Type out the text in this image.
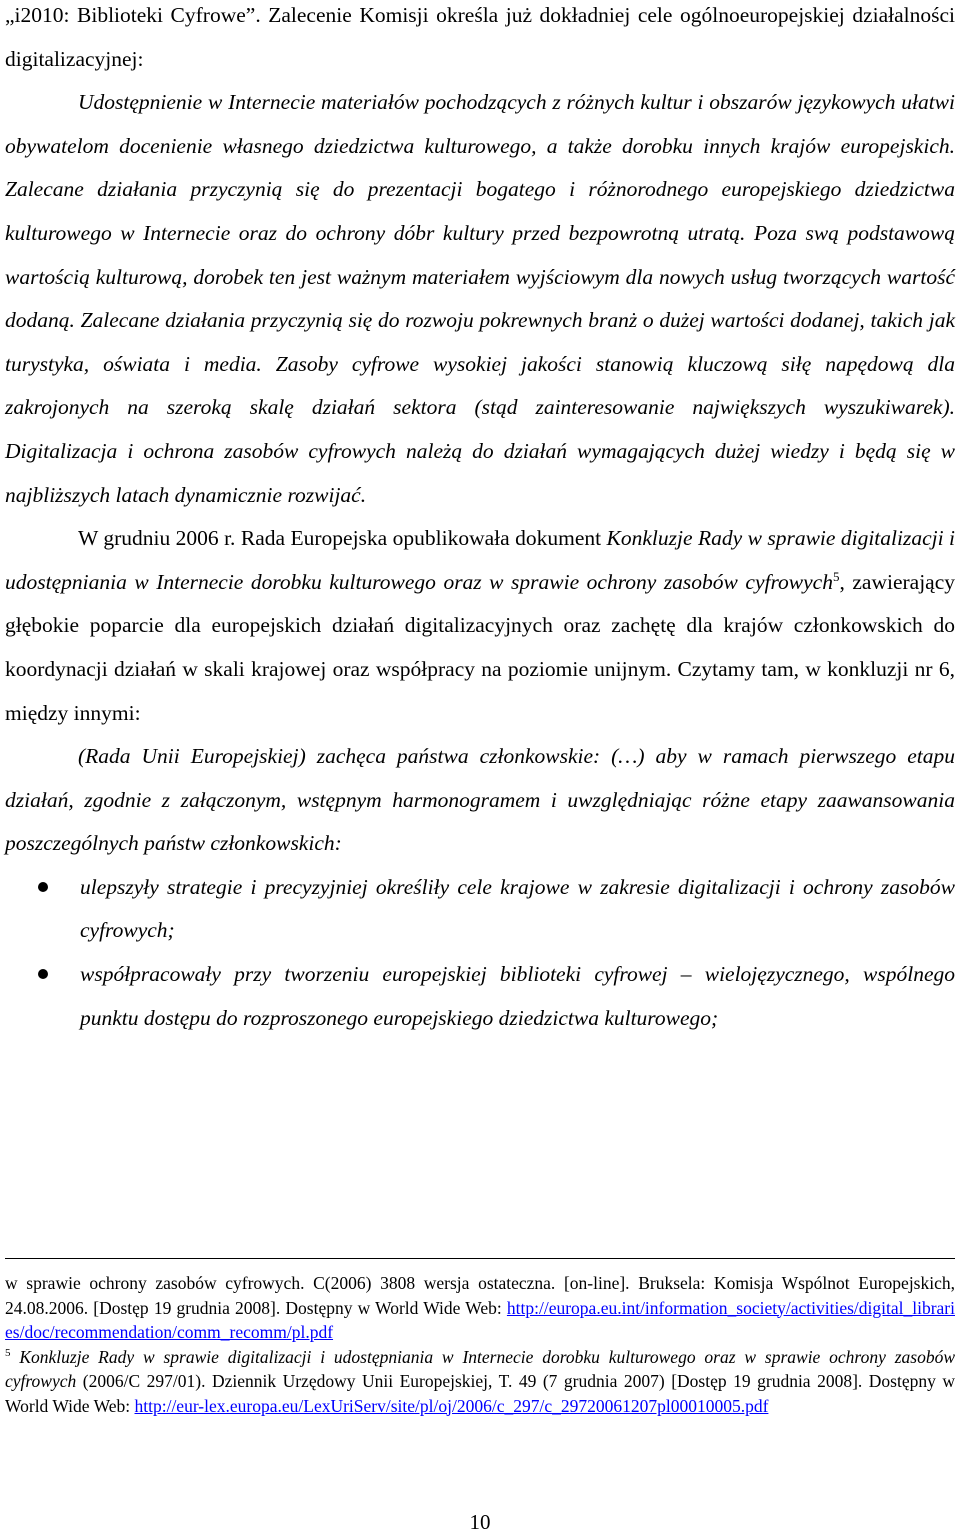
„i2010: Biblioteki Cyfrowe”. Zalecenie Komisji określa już dokładniej cele ogólnoeuropejskiej działalności digitalizacyjnej:

Udostępnienie w Internecie materiałów pochodzących z różnych kultur i obszarów językowych ułatwi obywatelom docenienie własnego dziedzictwa kulturowego, a także dorobku innych krajów europejskich. Zalecane działania przyczynią się do prezentacji bogatego i różnorodnego europejskiego dziedzictwa kulturowego w Internecie oraz do ochrony dóbr kultury przed bezpowrotną utratą. Poza swą podstawową wartością kulturową, dorobek ten jest ważnym materiałem wyjściowym dla nowych usług tworzących wartość dodaną. Zalecane działania przyczynią się do rozwoju pokrewnych branż o dużej wartości dodanej, takich jak turystyka, oświata i media. Zasoby cyfrowe wysokiej jakości stanowią kluczową siłę napędową dla zakrojonych na szeroką skalę działań sektora (stąd zainteresowanie największych wyszukiwarek). Digitalizacja i ochrona zasobów cyfrowych należą do działań wymagających dużej wiedzy i będą się w najbliższych latach dynamicznie rozwijać.

W grudniu 2006 r. Rada Europejska opublikowała dokument Konkluzje Rady w sprawie digitalizacji i udostępniania w Internecie dorobku kulturowego oraz w sprawie ochrony zasobów cyfrowych$^5$, zawierający głębokie poparcie dla europejskich działań digitalizacyjnych oraz zachętę dla krajów członkowskich do koordynacji działań w skali krajowej oraz współpracy na poziomie unijnym. Czytamy tam, w konkluzji nr 6, między innymi:

(Rada Unii Europejskiej) zachęca państwa członkowskie: (…) aby w ramach pierwszego etapu działań, zgodnie z załączonym, wstępnym harmonogramem i uwzględniając różne etapy zaawansowania poszczególnych państw członkowskich:

ulepszyły strategie i precyzyjniej określiły cele krajowe w zakresie digitalizacji i ochrony zasobów cyfrowych;
współpracowały przy tworzeniu europejskiej biblioteki cyfrowej – wielojęzycznego, wspólnego punktu dostępu do rozproszonego europejskiego dziedzictwa kulturowego;

w sprawie ochrony zasobów cyfrowych. C(2006) 3808 wersja ostateczna. [on-line]. Bruksela: Komisja Wspólnot Europejskich, 24.08.2006. [Dostęp 19 grudnia 2008]. Dostępny w World Wide Web: http://europa.eu.int/information_society/activities/digital_libraries/doc/recommendation/comm_recomm/pl.pdf

$^5$ Konkluzje Rady w sprawie digitalizacji i udostępniania w Internecie dorobku kulturowego oraz w sprawie ochrony zasobów cyfrowych (2006/C 297/01). Dziennik Urzędowy Unii Europejskiej, T. 49 (7 grudnia 2007) [Dostęp 19 grudnia 2008]. Dostępny w World Wide Web: http://eur-lex.europa.eu/LexUriServ/site/pl/oj/2006/c_297/c_29720061207pl00010005.pdf

10
